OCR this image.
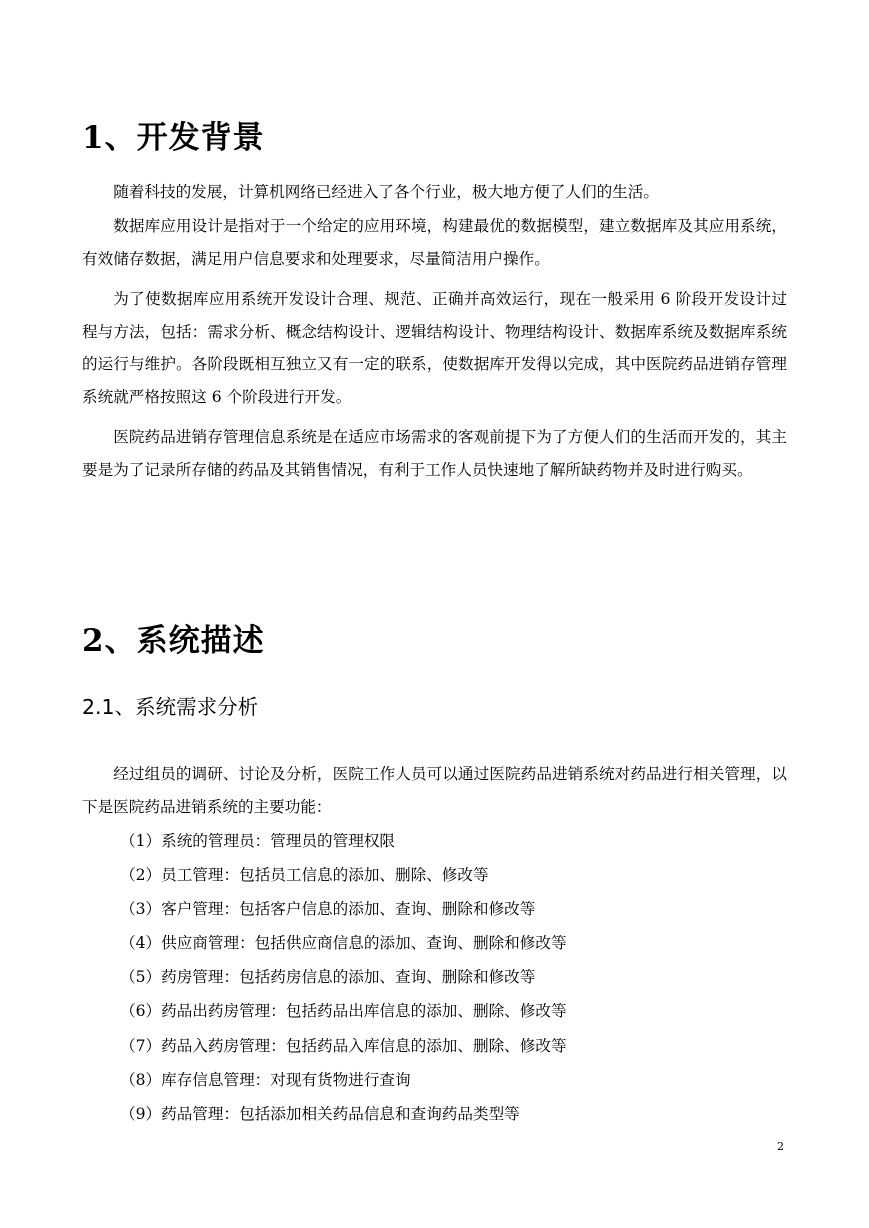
1、开发背景

随着科技的发展，计算机网络已经进入了各个行业，极大地方便了人们的生活。

数据库应用设计是指对于一个给定的应用环境，构建最优的数据模型，建立数据库及其应用系统，有效储存数据，满足用户信息要求和处理要求，尽量简洁用户操作。

为了使数据库应用系统开发设计合理、规范、正确并高效运行，现在一般采用 6 阶段开发设计过程与方法，包括：需求分析、概念结构设计、逻辑结构设计、物理结构设计、数据库系统及数据库系统的运行与维护。各阶段既相互独立又有一定的联系，使数据库开发得以完成，其中医院药品进销存管理系统就严格按照这 6 个阶段进行开发。

医院药品进销存管理信息系统是在适应市场需求的客观前提下为了方便人们的生活而开发的，其主要是为了记录所存储的药品及其销售情况，有利于工作人员快速地了解所缺药物并及时进行购买。

2、系统描述
2.1、系统需求分析

经过组员的调研、讨论及分析，医院工作人员可以通过医院药品进销系统对药品进行相关管理，以下是医院药品进销系统的主要功能：

（1）系统的管理员：管理员的管理权限
（2）员工管理：包括员工信息的添加、删除、修改等
（3）客户管理：包括客户信息的添加、查询、删除和修改等
（4）供应商管理：包括供应商信息的添加、查询、删除和修改等
（5）药房管理：包括药房信息的添加、查询、删除和修改等
（6）药品出药房管理：包括药品出库信息的添加、删除、修改等
（7）药品入药房管理：包括药品入库信息的添加、删除、修改等
（8）库存信息管理：对现有货物进行查询
（9）药品管理：包括添加相关药品信息和查询药品类型等
2
